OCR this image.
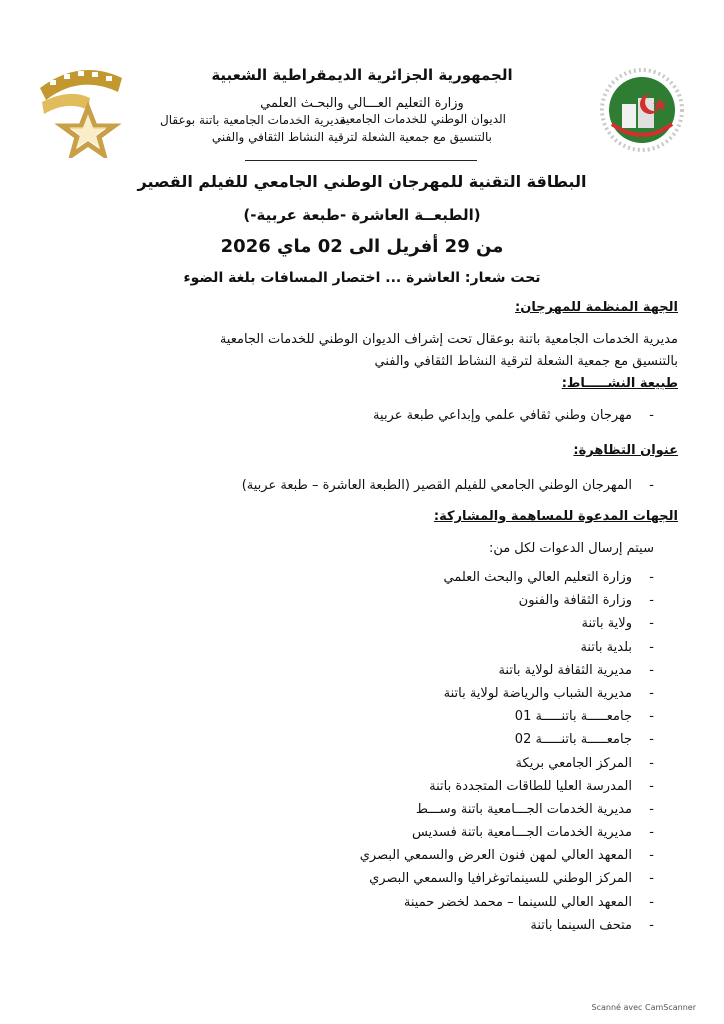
الجمهورية الجزائرية الديمقراطية الشعبية
وزارة التعليم العـــالي والبحـث العلمي
الديوان الوطني للخدمات الجامعية
مديرية الخدمات الجامعية باتنة بوعقال
بالتنسيق مع جمعية الشعلة لترقية النشاط الثقافي والفني
البطاقة التقنية للمهرجان الوطني الجامعي للفيلم القصير
(الطبعــة العاشرة -طبعة عربية-)
من 29 أفريل الى 02 ماي 2026
تحت شعار: العاشرة ... اختصار المسافات بلغة الضوء
الجهة المنظمة للمهرجان:
مديرية الخدمات الجامعية باتنة بوعقال تحت إشراف الديوان الوطني للخدمات الجامعية
بالتنسيق مع جمعية الشعلة لترقية النشاط الثقافي والفني
طبيعة النشـــــاط:
-مهرجان وطني ثقافي علمي وإبداعي طبعة عربية
عنوان التظاهرة:
-المهرجان الوطني الجامعي للفيلم القصير (الطبعة العاشرة – طبعة عربية)
الجهات المدعوة للمساهمة والمشاركة:
سيتم إرسال الدعوات لكل من:
-وزارة التعليم العالي والبحث العلمي
-وزارة الثقافة والفنون
-ولاية باتنة
-بلدية باتنة
-مديرية الثقافة لولاية باتنة
-مديرية الشباب والرياضة لولاية باتنة
-جامعـــــة باتنـــــة 01
-جامعـــــة باتنـــــة 02
-المركز الجامعي بريكة
-المدرسة العليا للطاقات المتجددة باتنة
-مديرية الخدمات الجـــامعية باتنة وســـط
-مديرية الخدمات الجـــامعية باتنة فسديس
-المعهد العالي لمهن فنون العرض والسمعي البصري
-المركز الوطني للسينماتوغرافيا والسمعي البصري
-المعهد العالي للسينما – محمد لخضر حمينة
-متحف السينما باتنة
Scanné avec CamScanner
